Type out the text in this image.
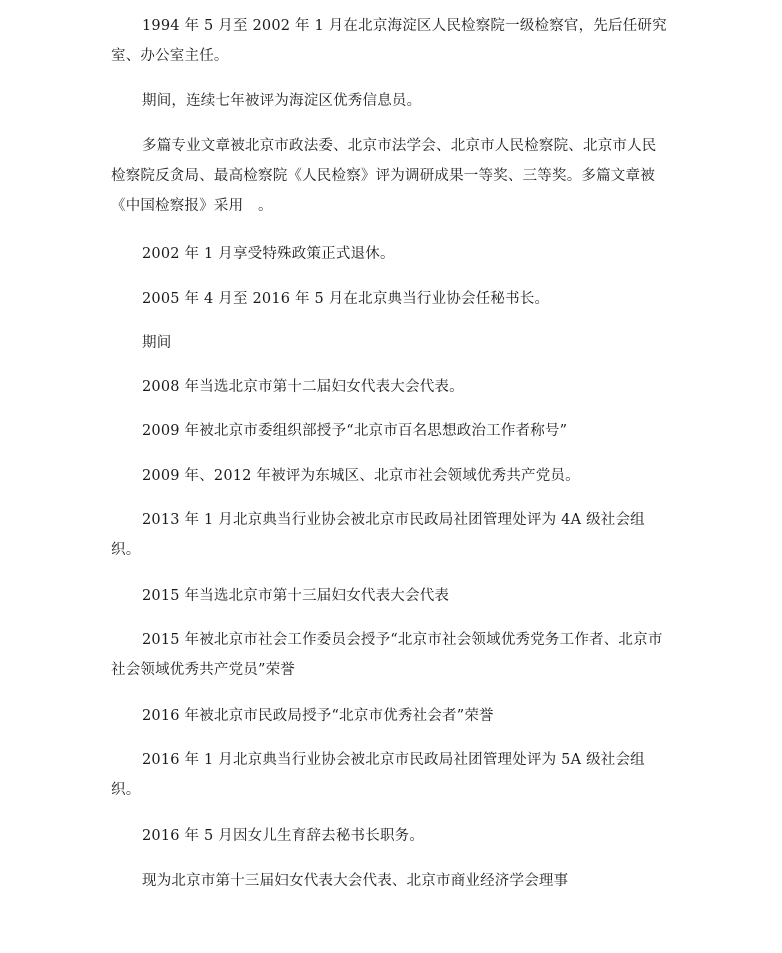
1994 年 5 月至 2002 年 1 月在北京海淀区人民检察院一级检察官，先后任研究室、办公室主任。

期间，连续七年被评为海淀区优秀信息员。

多篇专业文章被北京市政法委、北京市法学会、北京市人民检察院、北京市人民检察院反贪局、最高检察院《人民检察》评为调研成果一等奖、三等奖。多篇文章被 《中国检察报》采用　。

2002 年 1 月享受特殊政策正式退休。

2005 年 4 月至 2016 年 5 月在北京典当行业协会任秘书长。

期间

2008 年当选北京市第十二届妇女代表大会代表。

2009 年被北京市委组织部授予“北京市百名思想政治工作者称号”

2009 年、2012 年被评为东城区、北京市社会领域优秀共产党员。

2013 年 1 月北京典当行业协会被北京市民政局社团管理处评为 4A 级社会组织。

2015 年当选北京市第十三届妇女代表大会代表

2015 年被北京市社会工作委员会授予“北京市社会领域优秀党务工作者、北京市社会领域优秀共产党员”荣誉

2016 年被北京市民政局授予“北京市优秀社会者”荣誉

2016 年 1 月北京典当行业协会被北京市民政局社团管理处评为 5A 级社会组织。

2016 年 5 月因女儿生育辞去秘书长职务。

现为北京市第十三届妇女代表大会代表、北京市商业经济学会理事
